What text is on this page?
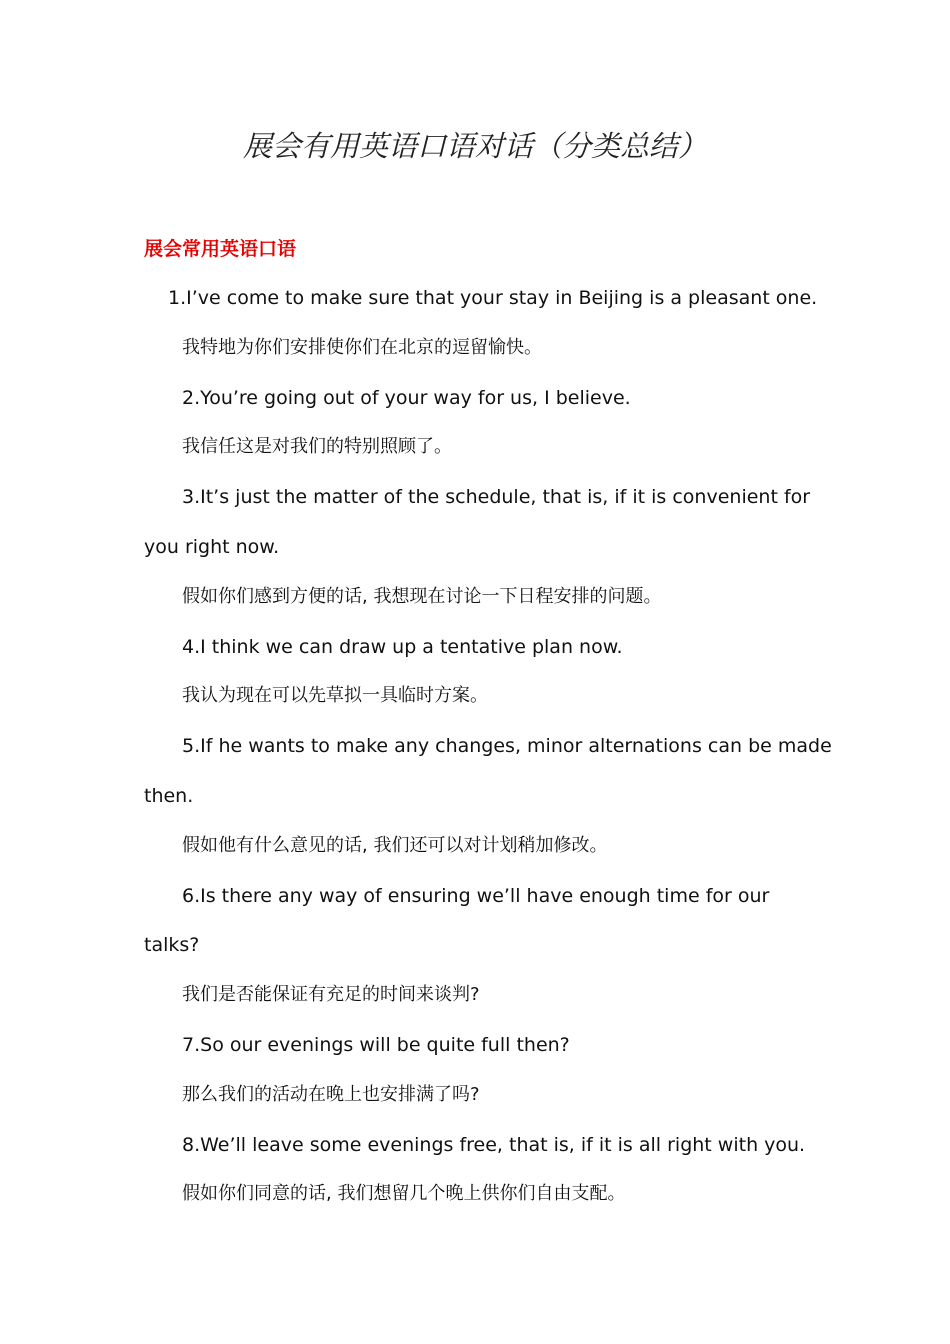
展会有用英语口语对话（分类总结）
展会常用英语口语
1.I’ve come to make sure that your stay in Beijing is a pleasant one.
我特地为你们安排使你们在北京的逗留愉快。
2.You’re going out of your way for us, I believe.
我信任这是对我们的特别照顾了。
3.It’s just the matter of the schedule, that is, if it is convenient for
you right now.
假如你们感到方便的话, 我想现在讨论一下日程安排的问题。
4.I think we can draw up a tentative plan now.
我认为现在可以先草拟一具临时方案。
5.If he wants to make any changes, minor alternations can be made
then.
假如他有什么意见的话, 我们还可以对计划稍加修改。
6.Is there any way of ensuring we’ll have enough time for our
talks?
我们是否能保证有充足的时间来谈判?
7.So our evenings will be quite full then?
那么我们的活动在晚上也安排满了吗?
8.We’ll leave some evenings free, that is, if it is all right with you.
假如你们同意的话, 我们想留几个晚上供你们自由支配。
